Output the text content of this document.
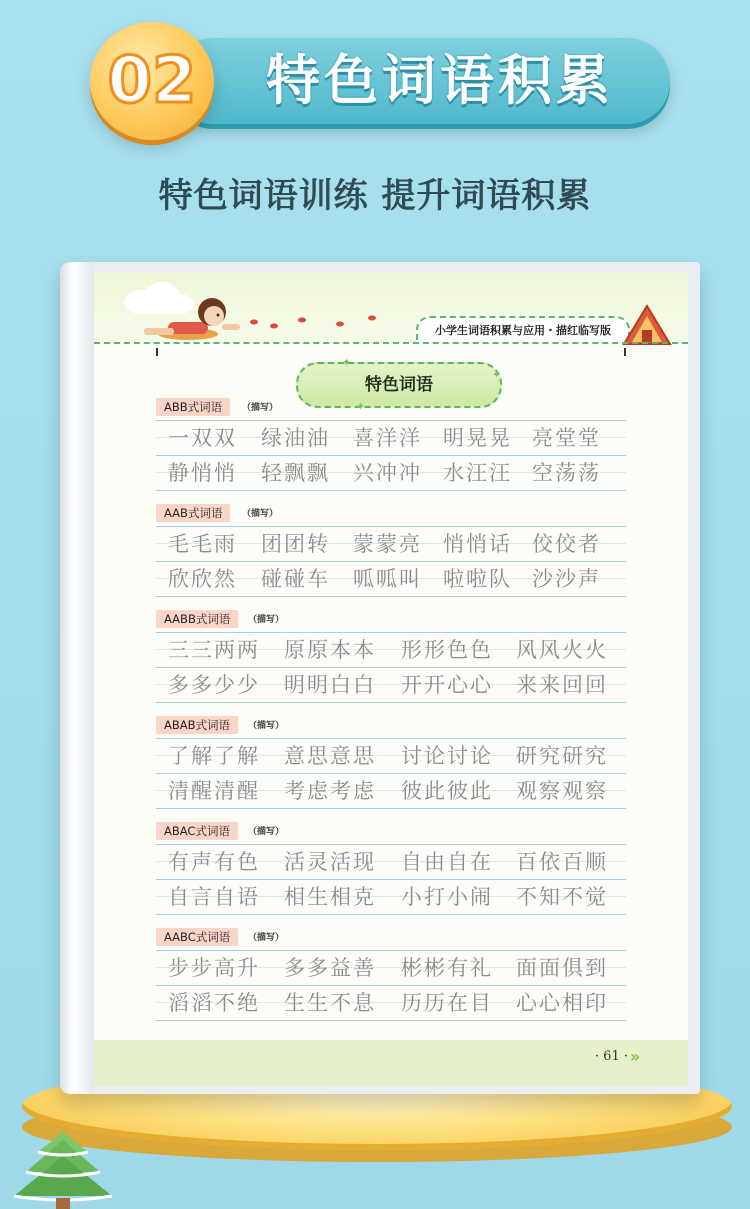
特色词语积累
02
特色词语训练 提升词语积累
小学生词语积累与应用・描红临写版
特色词语
✦
✦
✦
ABB式词语	（描写）
一双双 绿油油 喜洋洋 明晃晃 亮堂堂
静悄悄 轻飘飘 兴冲冲 水汪汪 空荡荡
AAB式词语	（描写）
毛毛雨 团团转 蒙蒙亮 悄悄话 佼佼者
欣欣然 碰碰车 呱呱叫 啦啦队 沙沙声
AABB式词语	（描写）
三三两两 原原本本 形形色色 风风火火
多多少少 明明白白 开开心心 来来回回
ABAB式词语	（描写）
了解了解 意思意思 讨论讨论 研究研究
清醒清醒 考虑考虑 彼此彼此 观察观察
ABAC式词语	（描写）
有声有色 活灵活现 自由自在 百依百顺
自言自语 相生相克 小打小闹 不知不觉
AABC式词语	（描写）
步步高升 多多益善 彬彬有礼 面面俱到
滔滔不绝 生生不息 历历在目 心心相印
· 61 · »
